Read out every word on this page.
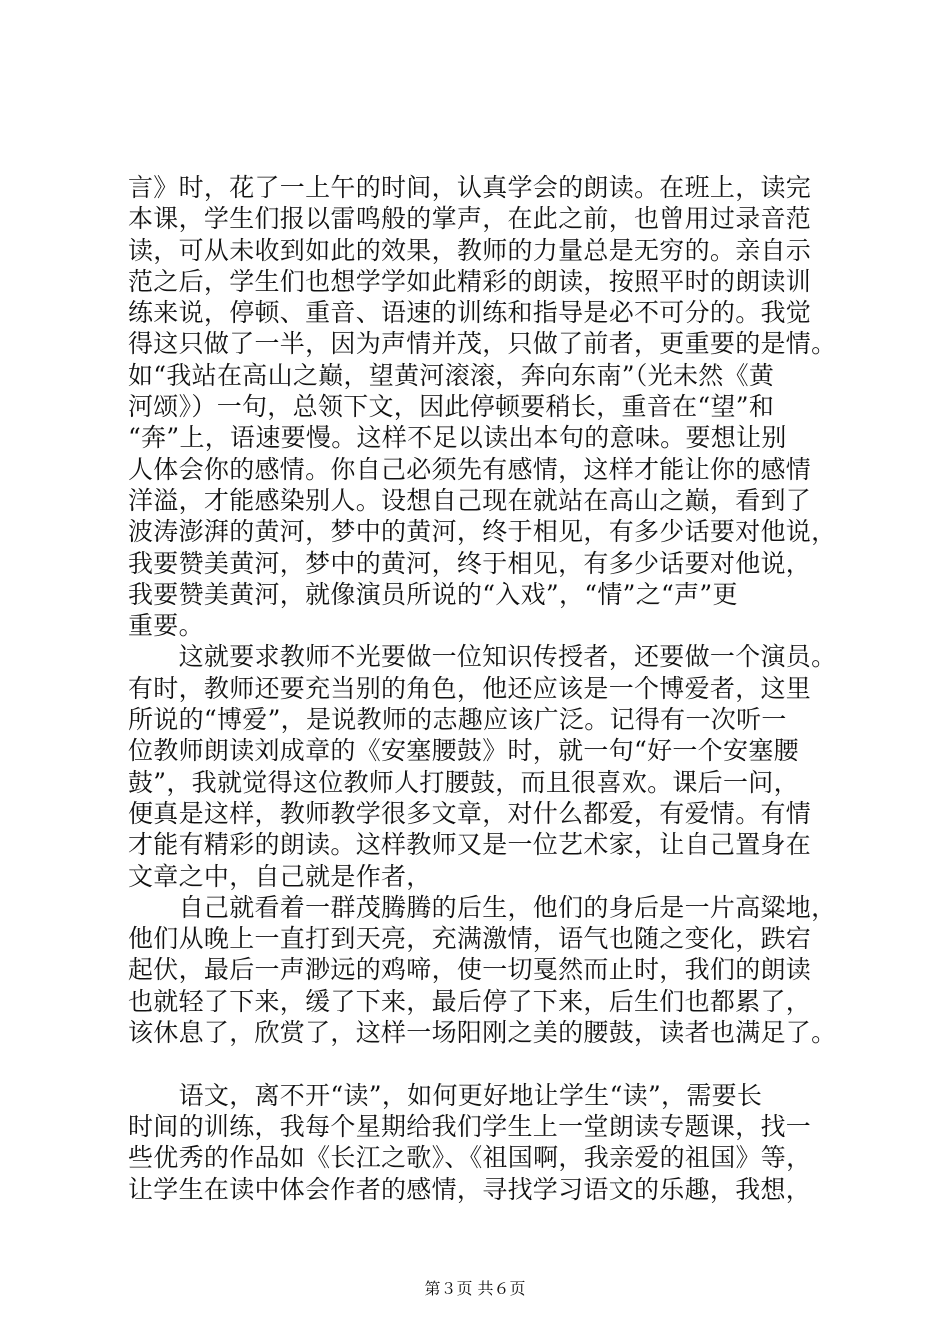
言》时，花了一上午的时间，认真学会的朗读。在班上，读完
本课，学生们报以雷鸣般的掌声，在此之前，也曾用过录音范
读，可从未收到如此的效果，教师的力量总是无穷的。亲自示
范之后，学生们也想学学如此精彩的朗读，按照平时的朗读训
练来说，停顿、重音、语速的训练和指导是必不可分的。我觉
得这只做了一半，因为声情并茂，只做了前者，更重要的是情。
如“我站在高山之巅，望黄河滚滚，奔向东南”（光未然《黄
河颂》）一句，总领下文，因此停顿要稍长，重音在“望”和
“奔”上，语速要慢。这样不足以读出本句的意味。要想让别
人体会你的感情。你自己必须先有感情，这样才能让你的感情
洋溢，才能感染别人。设想自己现在就站在高山之巅，看到了
波涛澎湃的黄河，梦中的黄河，终于相见，有多少话要对他说，
我要赞美黄河，梦中的黄河，终于相见，有多少话要对他说，
我要赞美黄河，就像演员所说的“入戏”，“情”之“声”更
重要。
　　这就要求教师不光要做一位知识传授者，还要做一个演员。
有时，教师还要充当别的角色，他还应该是一个博爱者，这里
所说的“博爱”，是说教师的志趣应该广泛。记得有一次听一
位教师朗读刘成章的《安塞腰鼓》时，就一句“好一个安塞腰
鼓”，我就觉得这位教师人打腰鼓，而且很喜欢。课后一问，
便真是这样，教师教学很多文章，对什么都爱，有爱情。有情
才能有精彩的朗读。这样教师又是一位艺术家，让自己置身在
文章之中，自己就是作者，
　　自己就看着一群茂腾腾的后生，他们的身后是一片高粱地，
他们从晚上一直打到天亮，充满激情，语气也随之变化，跌宕
起伏，最后一声渺远的鸡啼，使一切戛然而止时，我们的朗读
也就轻了下来，缓了下来，最后停了下来，后生们也都累了，
该休息了，欣赏了，这样一场阳刚之美的腰鼓，读者也满足了。
　　语文，离不开“读”，如何更好地让学生“读”，需要长
时间的训练，我每个星期给我们学生上一堂朗读专题课，找一
些优秀的作品如《长江之歌》、《祖国啊，我亲爱的祖国》等，
让学生在读中体会作者的感情，寻找学习语文的乐趣，我想，
第３页 共６页
